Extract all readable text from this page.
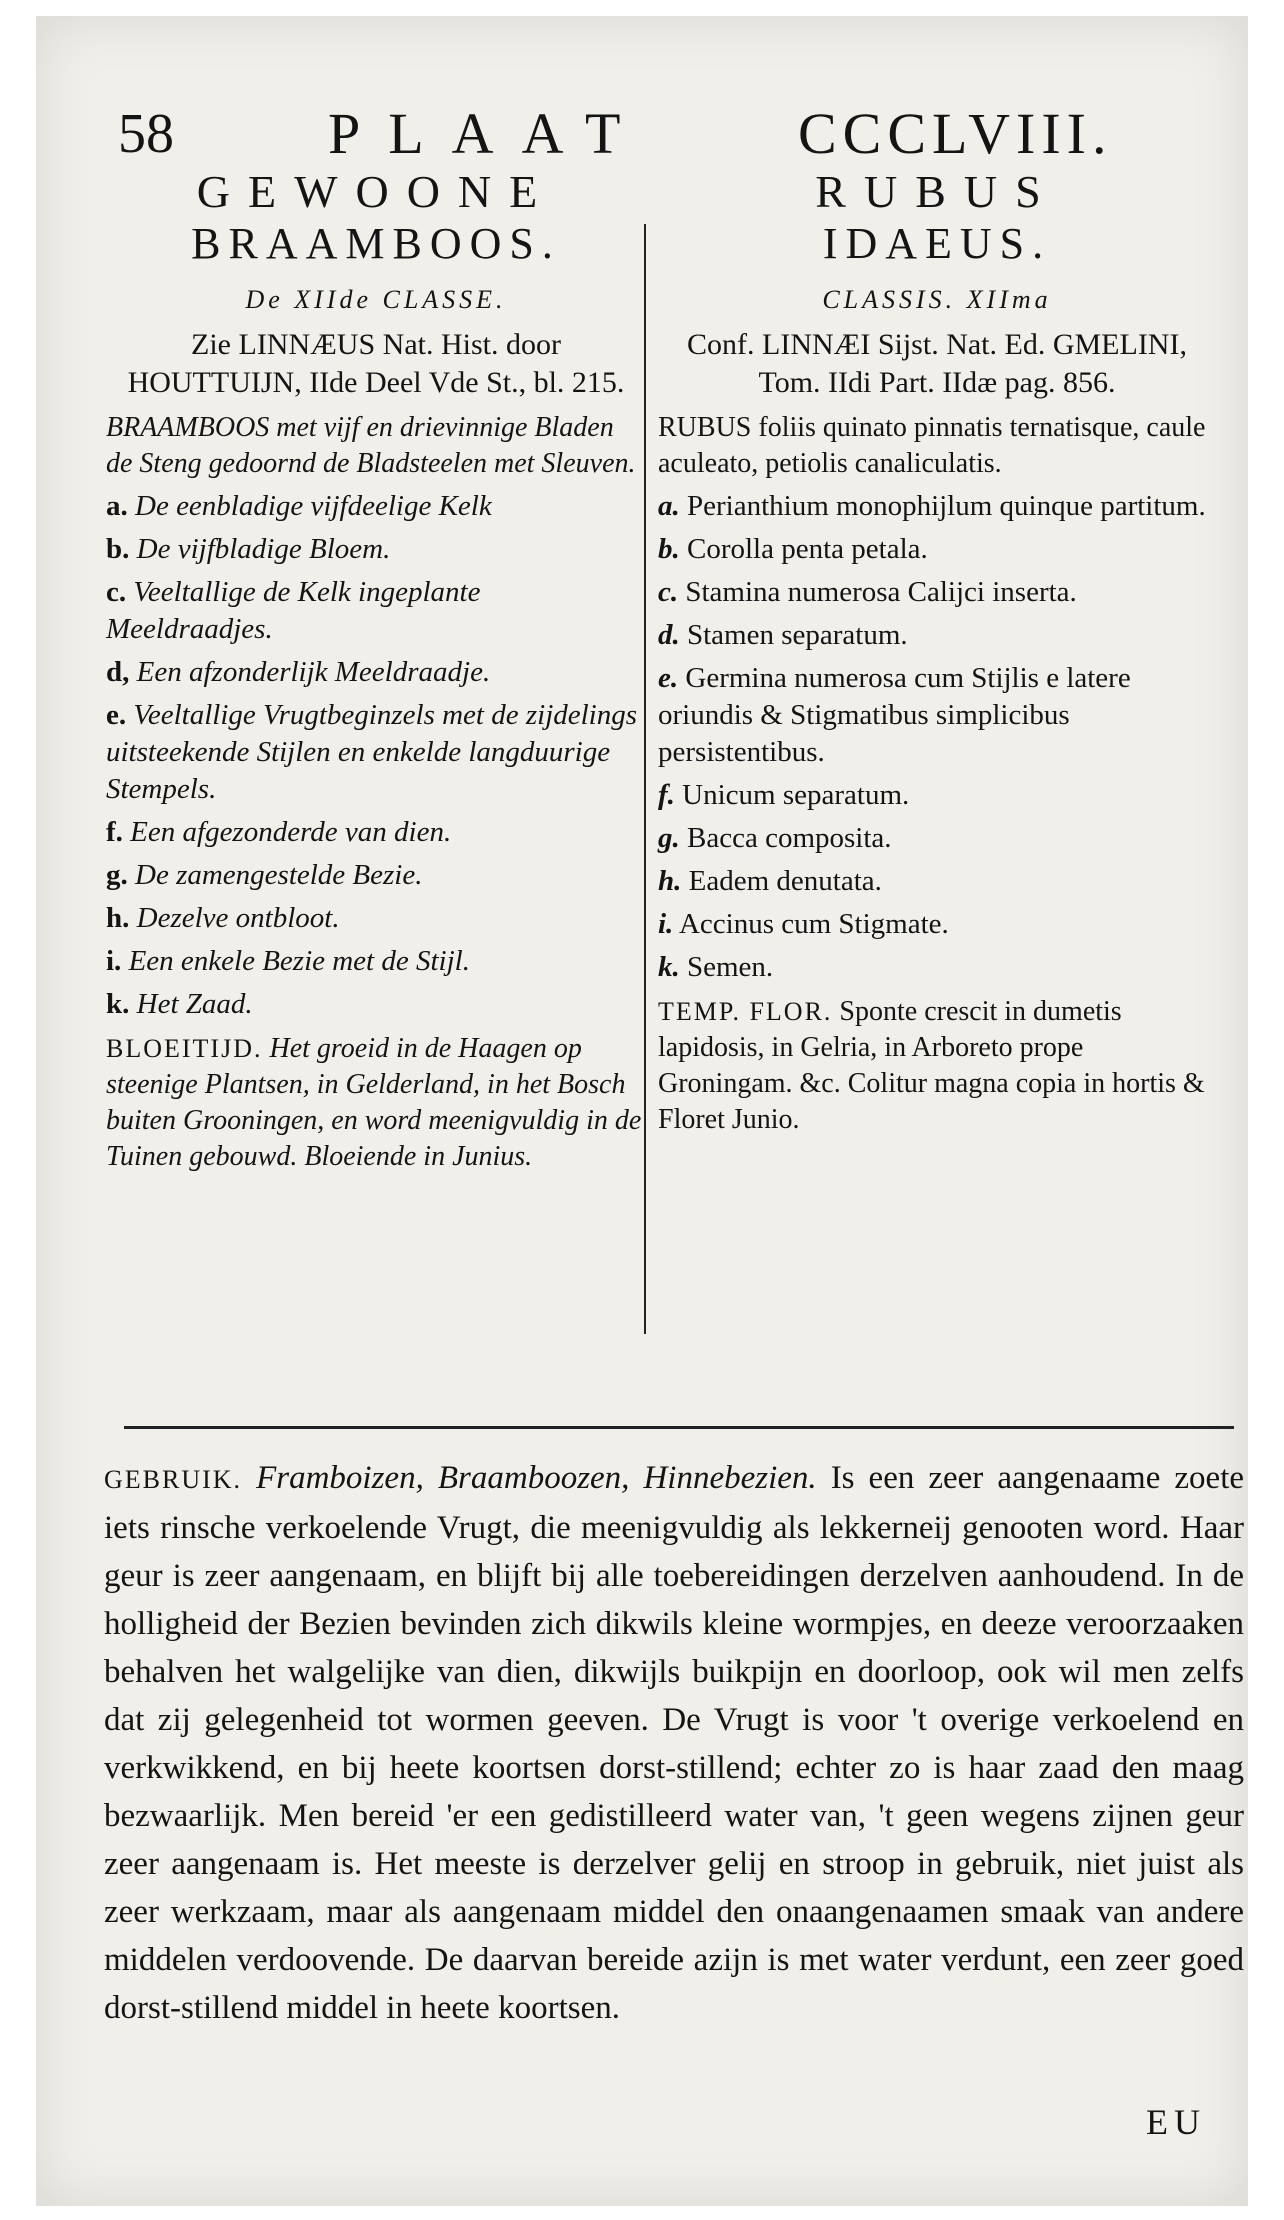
58	PLAAT	CCCLVIII.
GEWOONE
BRAAMBOOS.
De XIIde CLASSE.
Zie LINNÆUS Nat. Hist. door HOUTTUIJN, IIde Deel Vde St., bl. 215.
BRAAMBOOS met vijf en drievinnige Bladen de Steng gedoornd de Bladsteelen met Sleuven.
a. De eenbladige vijfdeelige Kelk
b. De vijfbladige Bloem.
c. Veeltallige de Kelk ingeplante Meeldraadjes.
d, Een afzonderlijk Meeldraadje.
e. Veeltallige Vrugtbeginzels met de zijdelings uitsteekende Stijlen en enkelde langduurige Stempels.
f. Een afgezonderde van dien.
g. De zamengestelde Bezie.
h. Dezelve ontbloot.
i. Een enkele Bezie met de Stijl.
k. Het Zaad.
BLOEITIJD. Het groeid in de Haagen op steenige Plantsen, in Gelderland, in het Bosch buiten Grooningen, en word meenigvuldig in de Tuinen gebouwd. Bloeiende in Junius.
RUBUS
IDAEUS.
CLASSIS. XIIma
Conf. LINNÆI Sijst. Nat. Ed. GMELINI, Tom. IIdi Part. IIdæ pag. 856.
RUBUS foliis quinato pinnatis ternatisque, caule aculeato, petiolis canaliculatis.
a. Perianthium monophijlum quinque partitum.
b. Corolla penta petala.
c. Stamina numerosa Calijci inserta.
d. Stamen separatum.
e. Germina numerosa cum Stijlis e latere oriundis & Stigmatibus simplicibus persistentibus.
f. Unicum separatum.
g. Bacca composita.
h. Eadem denutata.
i. Accinus cum Stigmate.
k. Semen.
TEMP. FLOR. Sponte crescit in dumetis lapidosis, in Gelria, in Arboreto prope Groningam. &c. Colitur magna copia in hortis & Floret Junio.
GEBRUIK. Framboizen, Braamboozen, Hinnebezien. Is een zeer aangenaame zoete iets rinsche verkoelende Vrugt, die meenigvuldig als lekkerneij genooten word. Haar geur is zeer aangenaam, en blijft bij alle toebereidingen derzelven aanhoudend. In de holligheid der Bezien bevinden zich dikwils kleine wormpjes, en deeze veroorzaaken behalven het walgelijke van dien, dikwijls buikpijn en doorloop, ook wil men zelfs dat zij gelegenheid tot wormen geeven. De Vrugt is voor 't overige verkoelend en verkwikkend, en bij heete koortsen dorst-stillend; echter zo is haar zaad den maag bezwaarlijk. Men bereid 'er een gedistilleerd water van, 't geen wegens zijnen geur zeer aangenaam is. Het meeste is derzelver gelij en stroop in gebruik, niet juist als zeer werkzaam, maar als aangenaam middel den onaangenaamen smaak van andere middelen verdoovende. De daarvan bereide azijn is met water verdunt, een zeer goed dorst-stillend middel in heete koortsen.
EU
